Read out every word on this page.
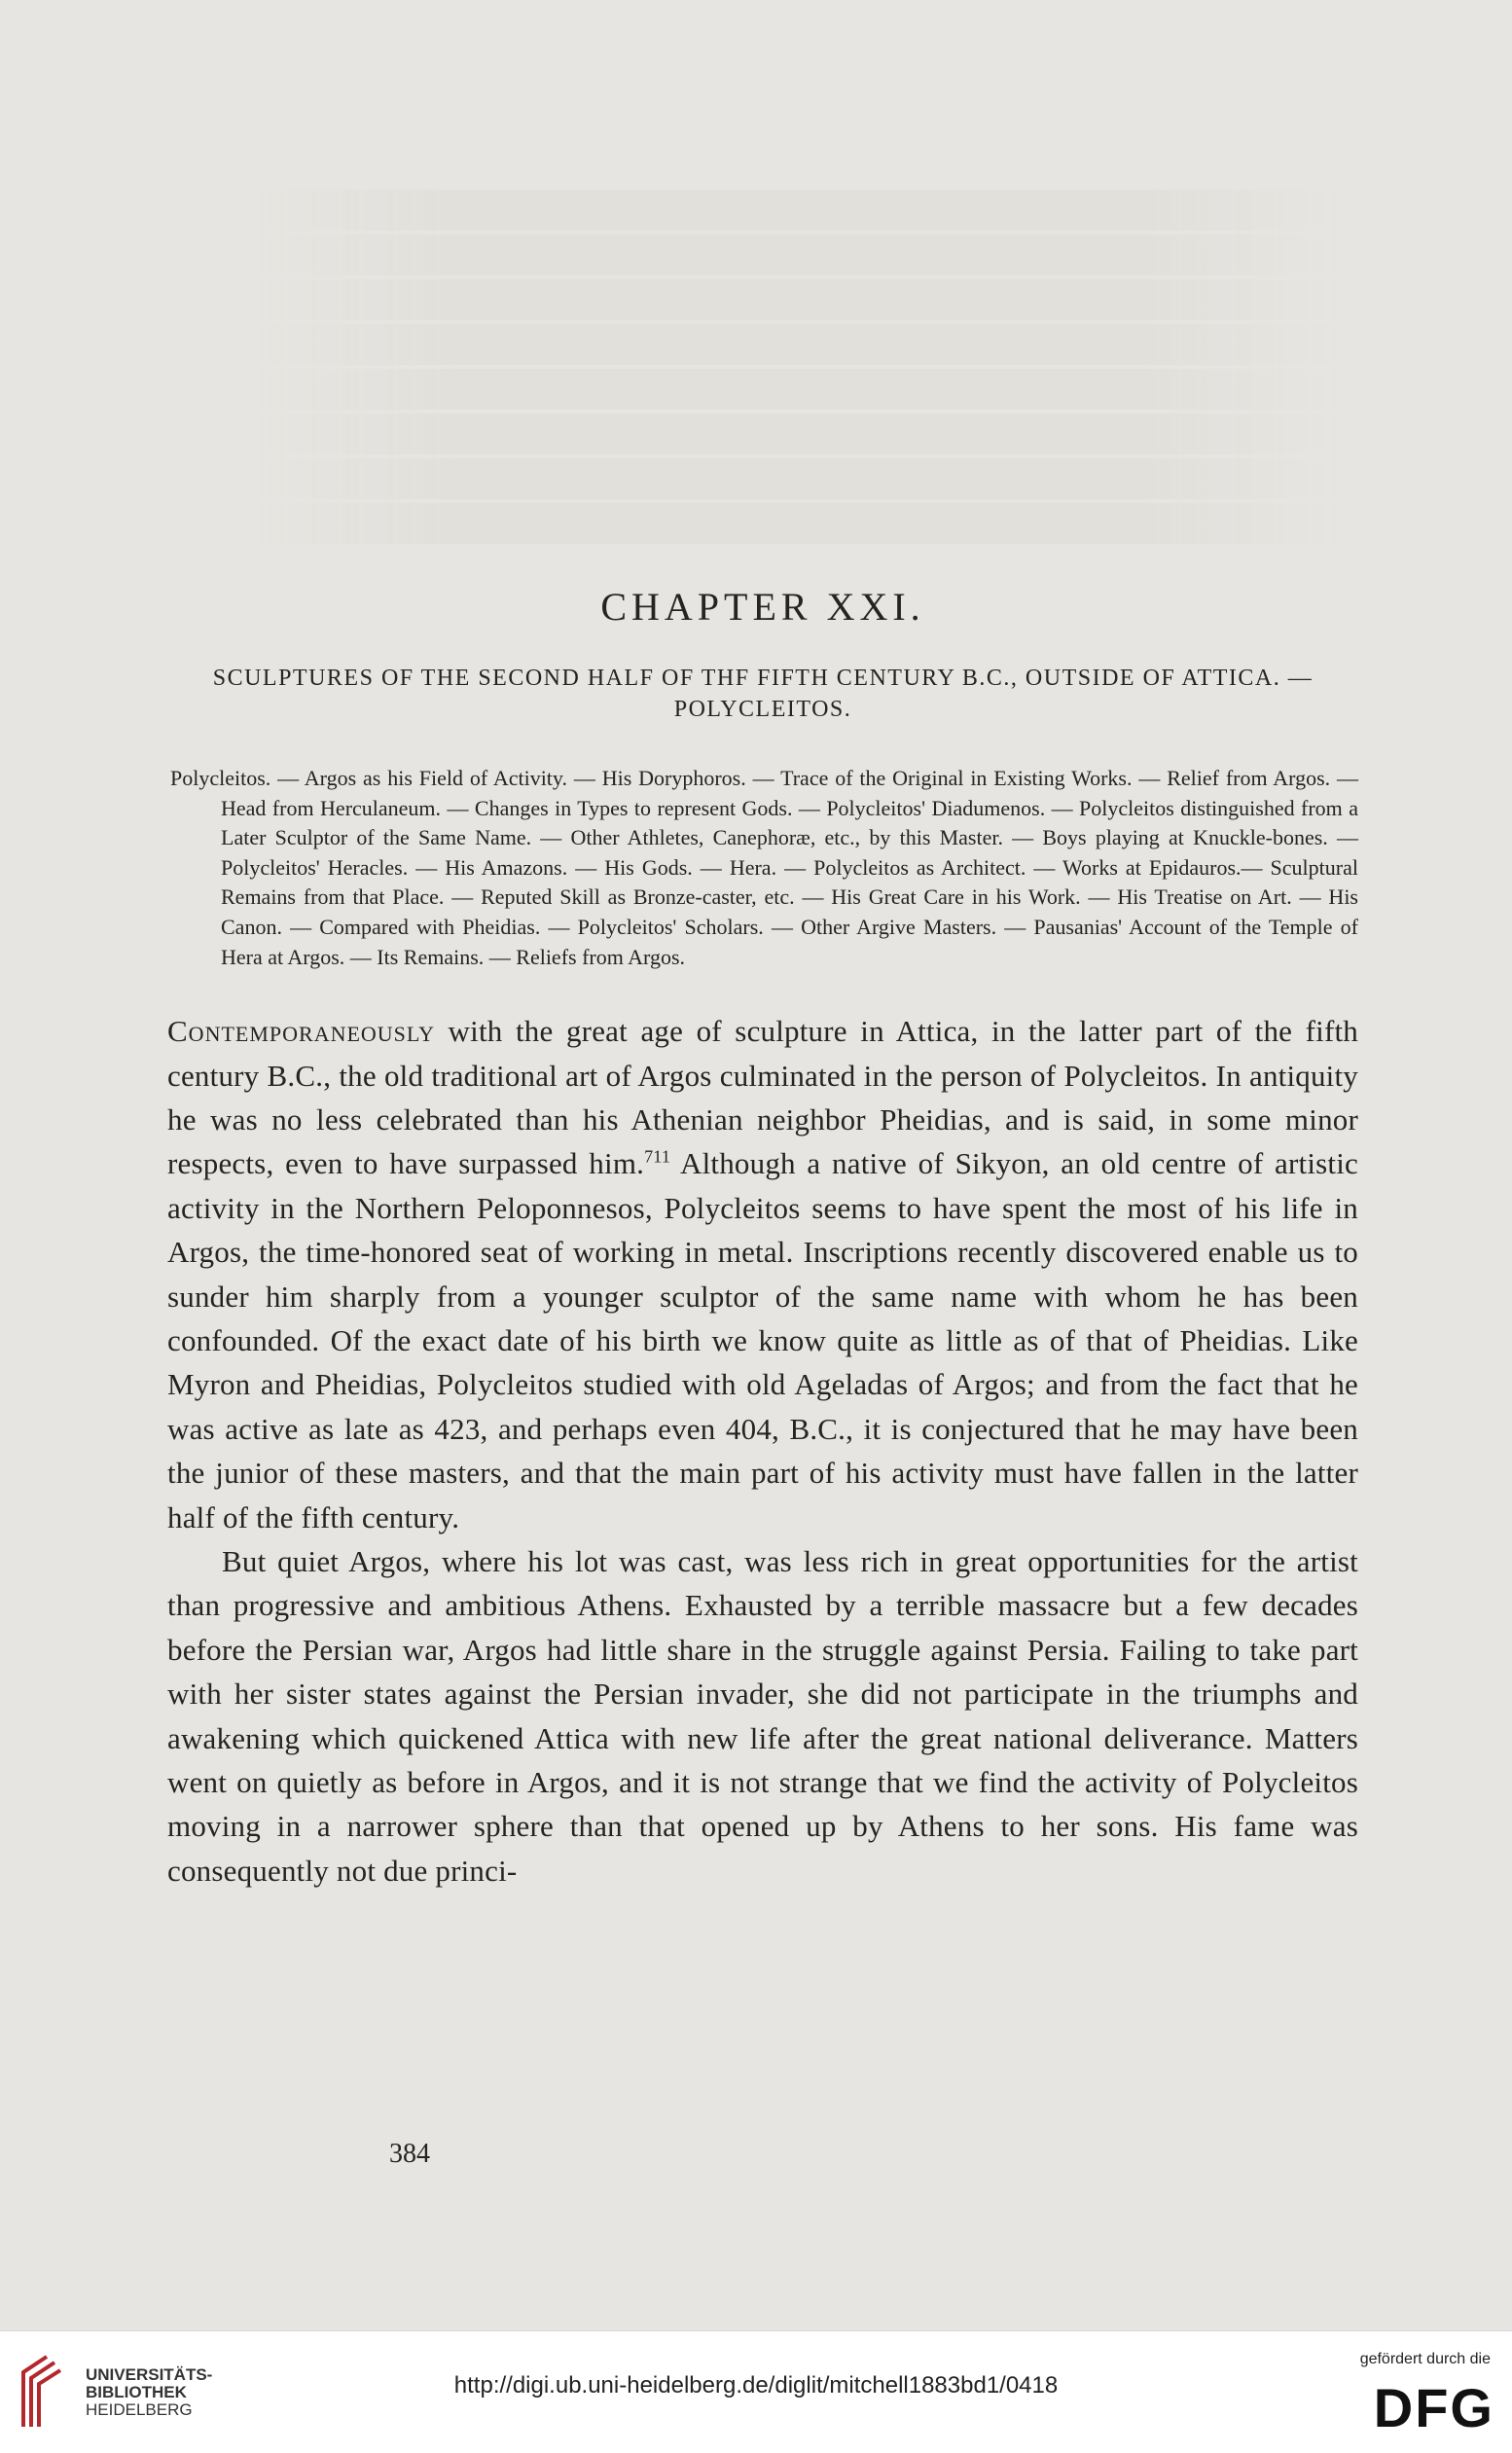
CHAPTER XXI.
SCULPTURES OF THE SECOND HALF OF THF FIFTH CENTURY B.C., OUTSIDE OF ATTICA. — POLYCLEITOS.

Polycleitos. — Argos as his Field of Activity. — His Doryphoros. — Trace of the Original in Existing Works. — Relief from Argos. — Head from Herculaneum. — Changes in Types to represent Gods. — Polycleitos' Diadumenos. — Polycleitos distinguished from a Later Sculptor of the Same Name. — Other Athletes, Canephoræ, etc., by this Master. — Boys playing at Knuckle-bones. — Polycleitos' Heracles. — His Amazons. — His Gods. — Hera. — Polycleitos as Architect. — Works at Epidauros.— Sculptural Remains from that Place. — Reputed Skill as Bronze-caster, etc. — His Great Care in his Work. — His Treatise on Art. — His Canon. — Compared with Pheidias. — Polycleitos' Scholars. — Other Argive Masters. — Pausanias' Account of the Temple of Hera at Argos. — Its Remains. — Reliefs from Argos.

Contemporaneously with the great age of sculpture in Attica, in the latter part of the fifth century B.C., the old traditional art of Argos culminated in the person of Polycleitos. In antiquity he was no less celebrated than his Athenian neighbor Pheidias, and is said, in some minor respects, even to have surpassed him.$^{711}$ Although a native of Sikyon, an old centre of artistic activity in the Northern Peloponnesos, Polycleitos seems to have spent the most of his life in Argos, the time-honored seat of working in metal. Inscriptions recently discovered enable us to sunder him sharply from a younger sculptor of the same name with whom he has been confounded. Of the exact date of his birth we know quite as little as of that of Pheidias. Like Myron and Pheidias, Polycleitos studied with old Ageladas of Argos; and from the fact that he was active as late as 423, and perhaps even 404, B.C., it is conjectured that he may have been the junior of these masters, and that the main part of his activity must have fallen in the latter half of the fifth century.

But quiet Argos, where his lot was cast, was less rich in great opportunities for the artist than progressive and ambitious Athens. Exhausted by a terrible massacre but a few decades before the Persian war, Argos had little share in the struggle against Persia. Failing to take part with her sister states against the Persian invader, she did not participate in the triumphs and awakening which quickened Attica with new life after the great national deliverance. Matters went on quietly as before in Argos, and it is not strange that we find the activity of Polycleitos moving in a narrower sphere than that opened up by Athens to her sons. His fame was consequently not due princi-

384
UNIVERSITÄTS-
BIBLIOTHEK
HEIDELBERG
http://digi.ub.uni-heidelberg.de/diglit/mitchell1883bd1/0418
gefördert durch die
DFG
